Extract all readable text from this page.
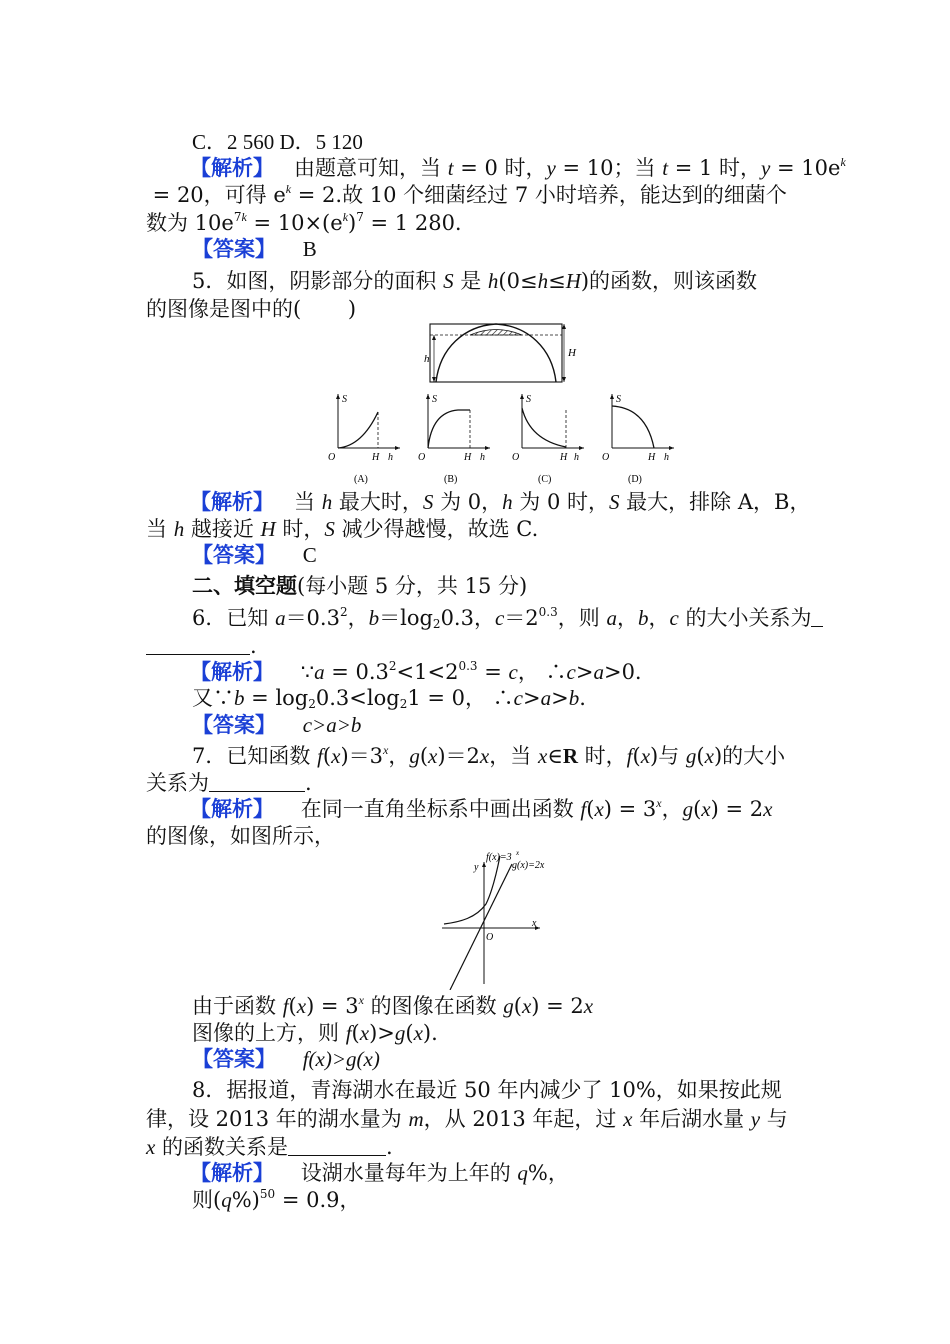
C．2 560 D．5 120
【解析】   由题意可知，当 t = 0 时，y = 10；当 t = 1 时，$y = 10e^k$
= 20，可得 $e^k = 2$.故 10 个细菌经过 7 小时培养，能达到的细菌个
数为 $10e^{7k} = 10\times(e^k)^7 = 1$ 280.
【答案】 B
5．如图，阴影部分的面积 S 是 h(0≤h≤H)的函数，则该函数
的图像是图中的(       )
h	H
S
O	H h
(A)
S
O	H h
(B)
S
O	H h
(C)
S
O	H h
(D)
【解析】   当 h 最大时，S 为 0，h 为 0 时，S 最大，排除 A，B，
当 h 越接近 H 时，S 减少得越慢，故选 C.
【答案】 C
二、填空题(每小题 5 分，共 15 分)
6．已知 $a=0.3^2$，$b=\log_20.3$，$c=2^{0.3}$，则 a，b，c 的大小关系为
.
【解析】    ∵a = $0.3^2<1<2^{0.3} = c$， ∴c>a>0.
又∵b = $\log_20.3<\log_21 = 0$， ∴c>a>b.
【答案】 c>a>b
7．已知函数 $f(x)=3^x$，g(x)＝2x，当 x∈R 时，f(x)与 g(x)的大小
关系为	.
【解析】    在同一直角坐标系中画出函数 $f(x) = 3^x$，g(x) = 2x
的图像，如图所示，
f(x)=3 x
g(x)=2x
y
x
O
由于函数 $f(x) = 3^x$ 的图像在函数 g(x) = 2x
图像的上方，则 f(x)>g(x).
【答案】 f(x)>g(x)
8．据报道，青海湖水在最近 50 年内减少了 10%，如果按此规
律，设 2013 年的湖水量为 m，从 2013 年起，过 x 年后湖水量 y 与
x 的函数关系是	.
【解析】    设湖水量每年为上年的 q%，
则$(q\%)^{50} = 0.9$，
